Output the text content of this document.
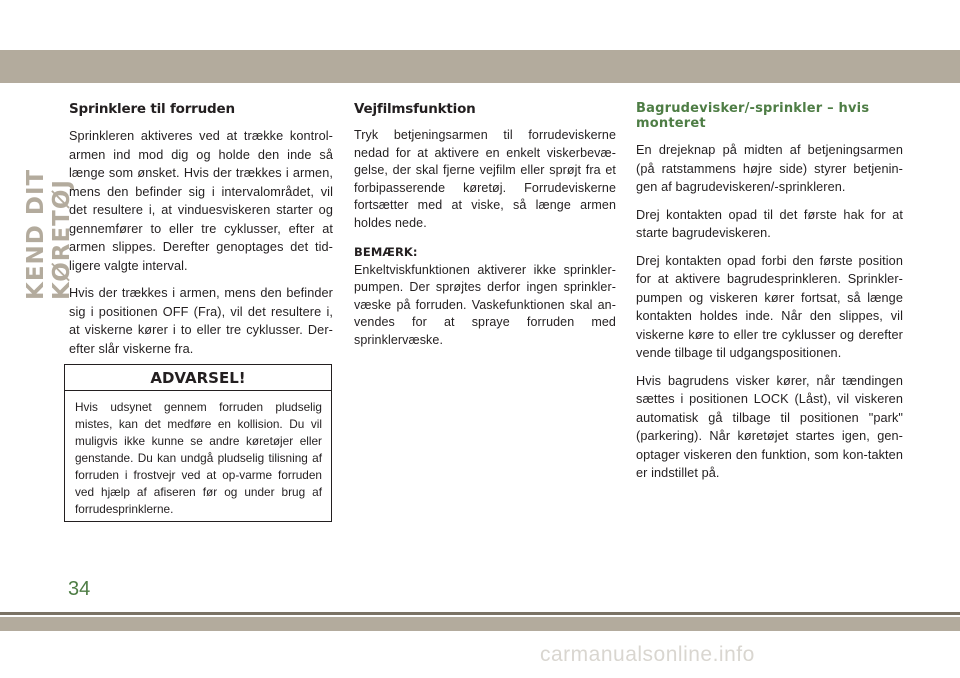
KEND DIT KØRETØJ
Sprinklere til forruden

Sprinkleren aktiveres ved at trække kontrol-armen ind mod dig og holde den inde så længe som ønsket. Hvis der trækkes i armen, mens den befinder sig i intervalområdet, vil det resultere i, at vinduesviskeren starter og gennemfører to eller tre cyklusser, efter at armen slippes. Derefter genoptages det tid-ligere valgte interval.

Hvis der trækkes i armen, mens den befinder sig i positionen OFF (Fra), vil det resultere i, at viskerne kører i to eller tre cyklusser. Der-efter slår viskerne fra.

ADVARSEL!
Hvis udsynet gennem forruden pludselig mistes, kan det medføre en kollision. Du vil muligvis ikke kunne se andre køretøjer eller genstande. Du kan undgå pludselig tilisning af forruden i frostvejr ved at op-varme forruden ved hjælp af afiseren før og under brug af forrudesprinklerne.
Vejfilmsfunktion

Tryk betjeningsarmen til forrudeviskerne nedad for at aktivere en enkelt viskerbevæ-gelse, der skal fjerne vejfilm eller sprøjt fra et forbipasserende køretøj. Forrudeviskerne fortsætter med at viske, så længe armen holdes nede.

BEMÆRK:

Enkeltviskfunktionen aktiverer ikke sprinkler-pumpen. Der sprøjtes derfor ingen sprinkler-væske på forruden. Vaskefunktionen skal an-vendes for at spraye forruden med sprinklervæske.

Bagrudevisker/-sprinkler – hvis monteret

En drejeknap på midten af betjeningsarmen (på ratstammens højre side) styrer betjenin-gen af bagrudeviskeren/-sprinkleren.

Drej kontakten opad til det første hak for at starte bagrudeviskeren.

Drej kontakten opad forbi den første position for at aktivere bagrudesprinkleren. Sprinkler-pumpen og viskeren kører fortsat, så længe kontakten holdes inde. Når den slippes, vil viskerne køre to eller tre cyklusser og derefter vende tilbage til udgangspositionen.

Hvis bagrudens visker kører, når tændingen sættes i positionen LOCK (Låst), vil viskeren automatisk gå tilbage til positionen "park" (parkering). Når køretøjet startes igen, gen-optager viskeren den funktion, som kon-takten er indstillet på.

34
carmanualsonline.info
